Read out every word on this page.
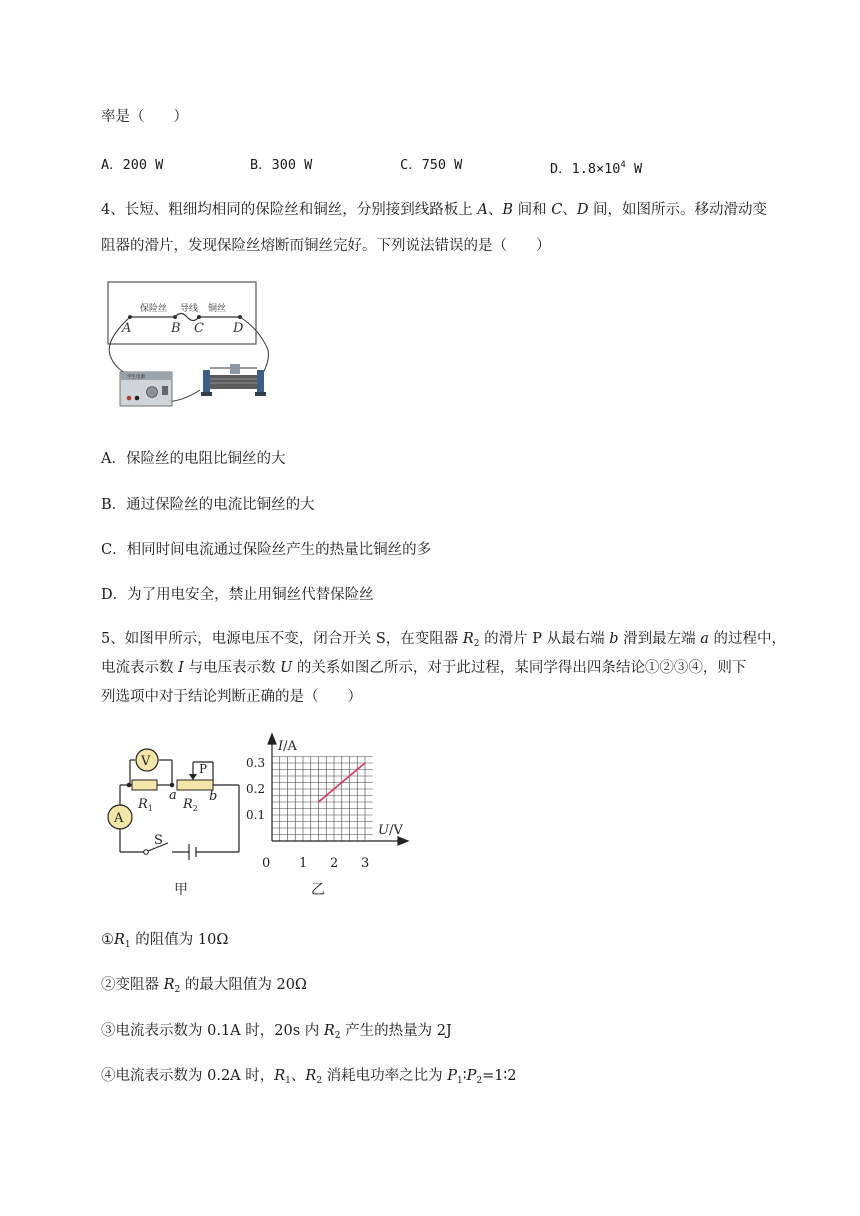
率是（　　）
A．200 W	B．300 W	C．750 W	D．$1.8\times 10^4$ W
4、长短、粗细均相同的保险丝和铜丝，分别接到线路板上 A、B 间和 C、D 间，如图所示。移动滑动变
阻器的滑片，发现保险丝熔断而铜丝完好。下列说法错误的是（　　）
保险丝 导线 铜丝
A	B C D
学生电源
A．保险丝的电阻比铜丝的大
B．通过保险丝的电流比铜丝的大
C．相同时间电流通过保险丝产生的热量比铜丝的多
D．为了用电安全，禁止用铜丝代替保险丝
5、如图甲所示，电源电压不变，闭合开关 S，在变阻器 $R_2$ 的滑片 P 从最右端 b 滑到最左端 a 的过程中，
电流表示数 I 与电压表示数 U 的关系如图乙所示，对于此过程，某同学得出四条结论①②③④，则下
列选项中对于结论判断正确的是（　　）
V
A
P
$R_1$ $R_2$
a b
S
甲
1 2 3
0.1
0.2
0.3
I/A
U/V
0
乙
$①R_1$ 的阻值为 10Ω
②变阻器 $R_2$ 的最大阻值为 20Ω
③电流表示数为 0.1A 时，20s 内 $R_2$ 产生的热量为 2J
④电流表示数为 0.2A 时，$R_1$、$R_2$ 消耗电功率之比为 $P_1∶P_2=1∶2$
